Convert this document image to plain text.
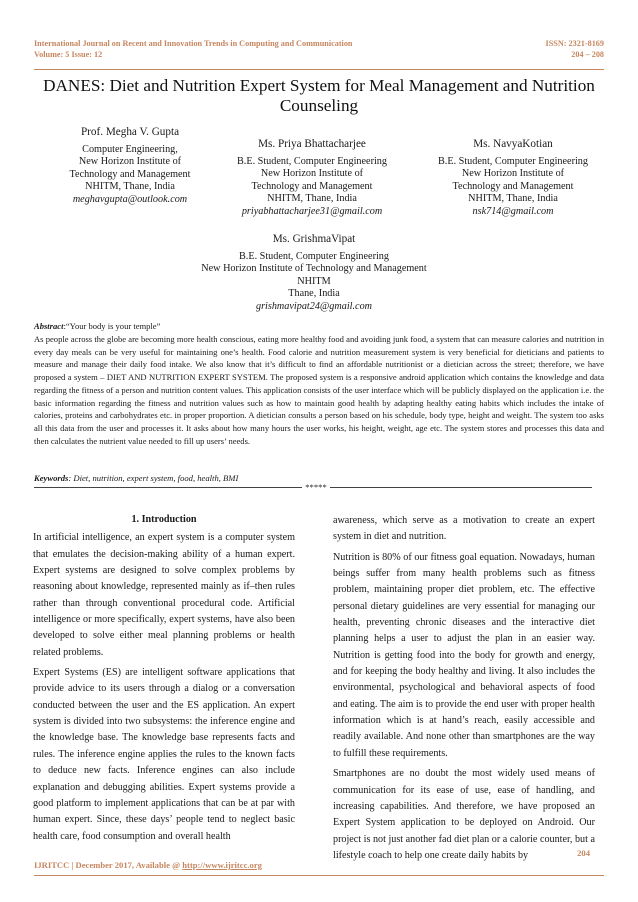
International Journal on Recent and Innovation Trends in Computing and Communication
Volume: 5 Issue: 12
ISSN: 2321-8169
204 – 208
DANES: Diet and Nutrition Expert System for Meal Management and Nutrition Counseling
Prof. Megha V. Gupta
Computer Engineering,
New Horizon Institute of
Technology and Management
NHITM, Thane, India
meghavgupta@outlook.com
Ms. Priya Bhattacharjee
B.E. Student, Computer Engineering
New Horizon Institute of
Technology and Management
NHITM, Thane, India
priyabhattacharjee31@gmail.com
Ms. NavyaKotian
B.E. Student, Computer Engineering
New Horizon Institute of
Technology and Management
NHITM, Thane, India
nsk714@gmail.com
Ms. GrishmaVipat
B.E. Student, Computer Engineering
New Horizon Institute of Technology and Management
NHITM
Thane, India
grishmavipat24@gmail.com
Abstract:“Your body is your temple”
As people across the globe are becoming more health conscious, eating more healthy food and avoiding junk food, a system that can measure calories and nutrition in every day meals can be very useful for maintaining one’s health. Food calorie and nutrition measurement system is very beneficial for dieticians and patients to measure and manage their daily food intake. We also know that it’s difficult to find an affordable nutritionist or a dietician across the street; therefore, we have proposed a system – DIET AND NUTRITION EXPERT SYSTEM. The proposed system is a responsive android application which contains the knowledge and data regarding the fitness of a person and nutrition content values. This application consists of the user interface which will be publicly displayed on the application i.e. the basic information regarding the fitness and nutrition values such as how to maintain good health by adapting healthy eating habits which includes the intake of calories, proteins and carbohydrates etc. in proper proportion. A dietician consults a person based on his schedule, body type, height and weight. The system too asks all this data from the user and processes it. It asks about how many hours the user works, his height, weight, age etc. The system stores and processes this data and then calculates the nutrient value needed to fill up users’ needs.
Keywords: Diet, nutrition, expert system, food, health, BMI
*****
1. Introduction

In artificial intelligence, an expert system is a computer system that emulates the decision-making ability of a human expert. Expert systems are designed to solve complex problems by reasoning about knowledge, represented mainly as if–then rules rather than through conventional procedural code. Artificial intelligence or more specifically, expert systems, have also been developed to solve either meal planning problems or health related problems.

Expert Systems (ES) are intelligent software applications that provide advice to its users through a dialog or a conversation conducted between the user and the ES application. An expert system is divided into two subsystems: the inference engine and the knowledge base. The knowledge base represents facts and rules. The inference engine applies the rules to the known facts to deduce new facts. Inference engines can also include explanation and debugging abilities. Expert systems provide a good platform to implement applications that can be at par with human expert. Since, these days’ people tend to neglect basic health care, food consumption and overall health

awareness, which serve as a motivation to create an expert system in diet and nutrition.

Nutrition is 80% of our fitness goal equation. Nowadays, human beings suffer from many health problems such as fitness problem, maintaining proper diet problem, etc. The effective personal dietary guidelines are very essential for managing our health, preventing chronic diseases and the interactive diet planning helps a user to adjust the plan in an easier way. Nutrition is getting food into the body for growth and energy, and for keeping the body healthy and living. It also includes the environmental, psychological and behavioral aspects of food and eating. The aim is to provide the end user with proper health information which is at hand’s reach, easily accessible and readily available. And none other than smartphones are the way to fulfill these requirements.

Smartphones are no doubt the most widely used means of communication for its ease of use, ease of handling, and increasing capabilities. And therefore, we have proposed an Expert System application to be deployed on Android. Our project is not just another fad diet plan or a calorie counter, but a lifestyle coach to help one create daily habits by	204
IJRITCC | December 2017, Available @ http://www.ijritcc.org
